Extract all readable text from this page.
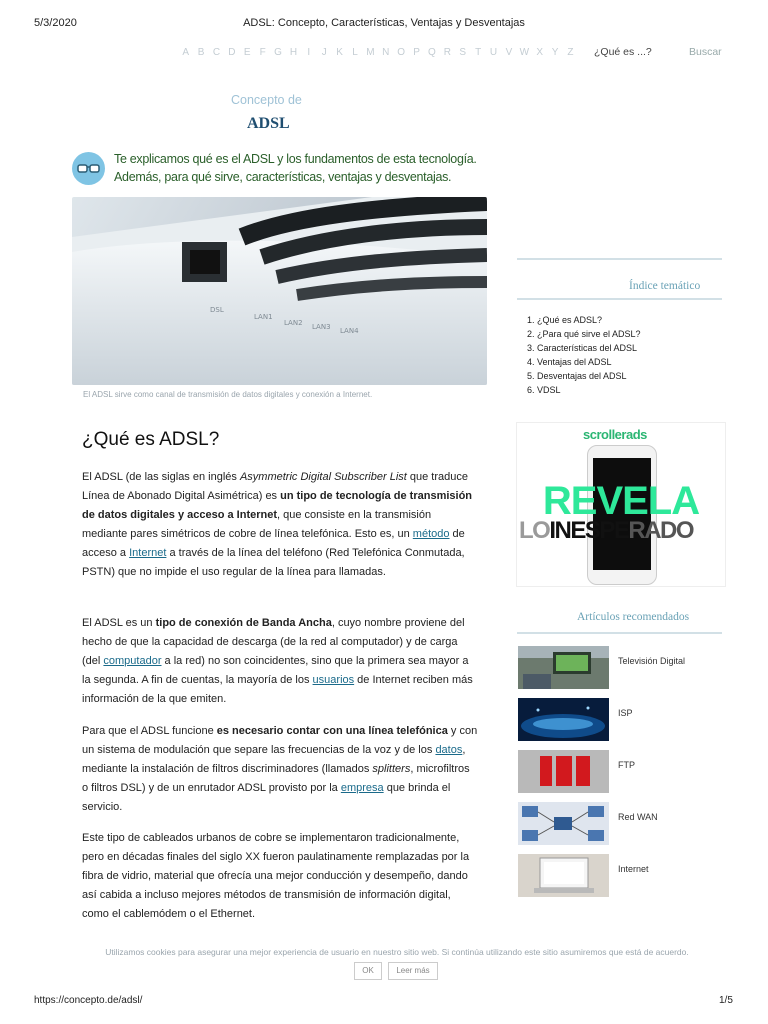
5/3/2020	ADSL: Concepto, Características, Ventajas y Desventajas
A B C D E F G H I J K L M N O P Q R S T U V W X Y Z	¿Qué es ...?	Buscar
Concepto de
ADSL
Te explicamos qué es el ADSL y los fundamentos de esta tecnología.
Además, para qué sirve, características, ventajas y desventajas.
DSL
LAN1
LAN2 LAN3 LAN4
El ADSL sirve como canal de transmisión de datos digitales y conexión a Internet.
¿Qué es ADSL?
El ADSL (de las siglas en inglés Asymmetric Digital Subscriber List que traduce Línea de Abonado Digital Asimétrica) es un tipo de tecnología de transmisión de datos digitales y acceso a Internet, que consiste en la transmisión mediante pares simétricos de cobre de línea telefónica. Esto es, un método de acceso a Internet a través de la línea del teléfono (Red Telefónica Conmutada, PSTN) que no impide el uso regular de la línea para llamadas.
El ADSL es un tipo de conexión de Banda Ancha, cuyo nombre proviene del hecho de que la capacidad de descarga (de la red al computador) y de carga (del computador a la red) no son coincidentes, sino que la primera sea mayor a la segunda. A fin de cuentas, la mayoría de los usuarios de Internet reciben más información de la que emiten.
Para que el ADSL funcione es necesario contar con una línea telefónica y con un sistema de modulación que separe las frecuencias de la voz y de los datos, mediante la instalación de filtros discriminadores (llamados splitters, microfiltros o filtros DSL) y de un enrutador ADSL provisto por la empresa que brinda el servicio.
Este tipo de cableados urbanos de cobre se implementaron tradicionalmente, pero en décadas finales del siglo XX fueron paulatinamente remplazadas por la fibra de vidrio, material que ofrecía una mejor conducción y desempeño, dando así cabida a incluso mejores métodos de transmisión de información digital, como el cablemódem o el Ethernet.
Índice temático
1. ¿Qué es ADSL?
2. ¿Para qué sirve el ADSL?
3. Características del ADSL
4. Ventajas del ADSL
5. Desventajas del ADSL
6. VDSL
scrollerads
REVELA
LOINESPERADO
Artículos recomendados
Televisión Digital
ISP
FTP
Red WAN
Internet
Utilizamos cookies para asegurar una mejor experiencia de usuario en nuestro sitio web. Si continúa utilizando este sitio asumiremos que está de acuerdo.
OK	Leer más
https://concepto.de/adsl/	1/5
